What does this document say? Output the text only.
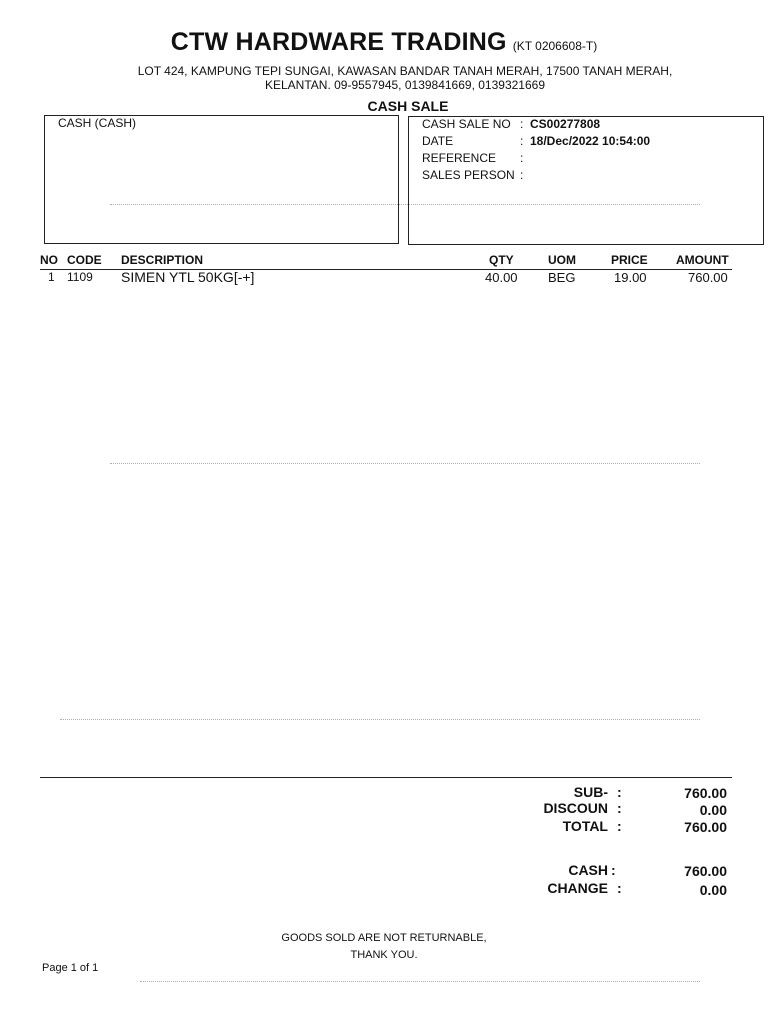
CTW HARDWARE TRADING (KT 0206608-T)
LOT 424, KAMPUNG TEPI SUNGAI, KAWASAN BANDAR TANAH MERAH, 17500 TANAH MERAH,
KELANTAN. 09-9557945, 0139841669, 0139321669
CASH SALE
CASH (CASH)	CASH SALE NO : CS00277808
DATE	: 18/Dec/2022 10:54:00
REFERENCE :
SALES PERSON :
NO CODE DESCRIPTION	QTY	UOM	PRICE AMOUNT
1 1109 SIMEN YTL 50KG[-+]	40.00 BEG	19.00	760.00
SUB- :	760.00
DISCOUN :	0.00
TOTAL :	760.00
CASH :	760.00
CHANGE :	0.00
GOODS SOLD ARE NOT RETURNABLE,
THANK YOU.
Page 1 of 1
